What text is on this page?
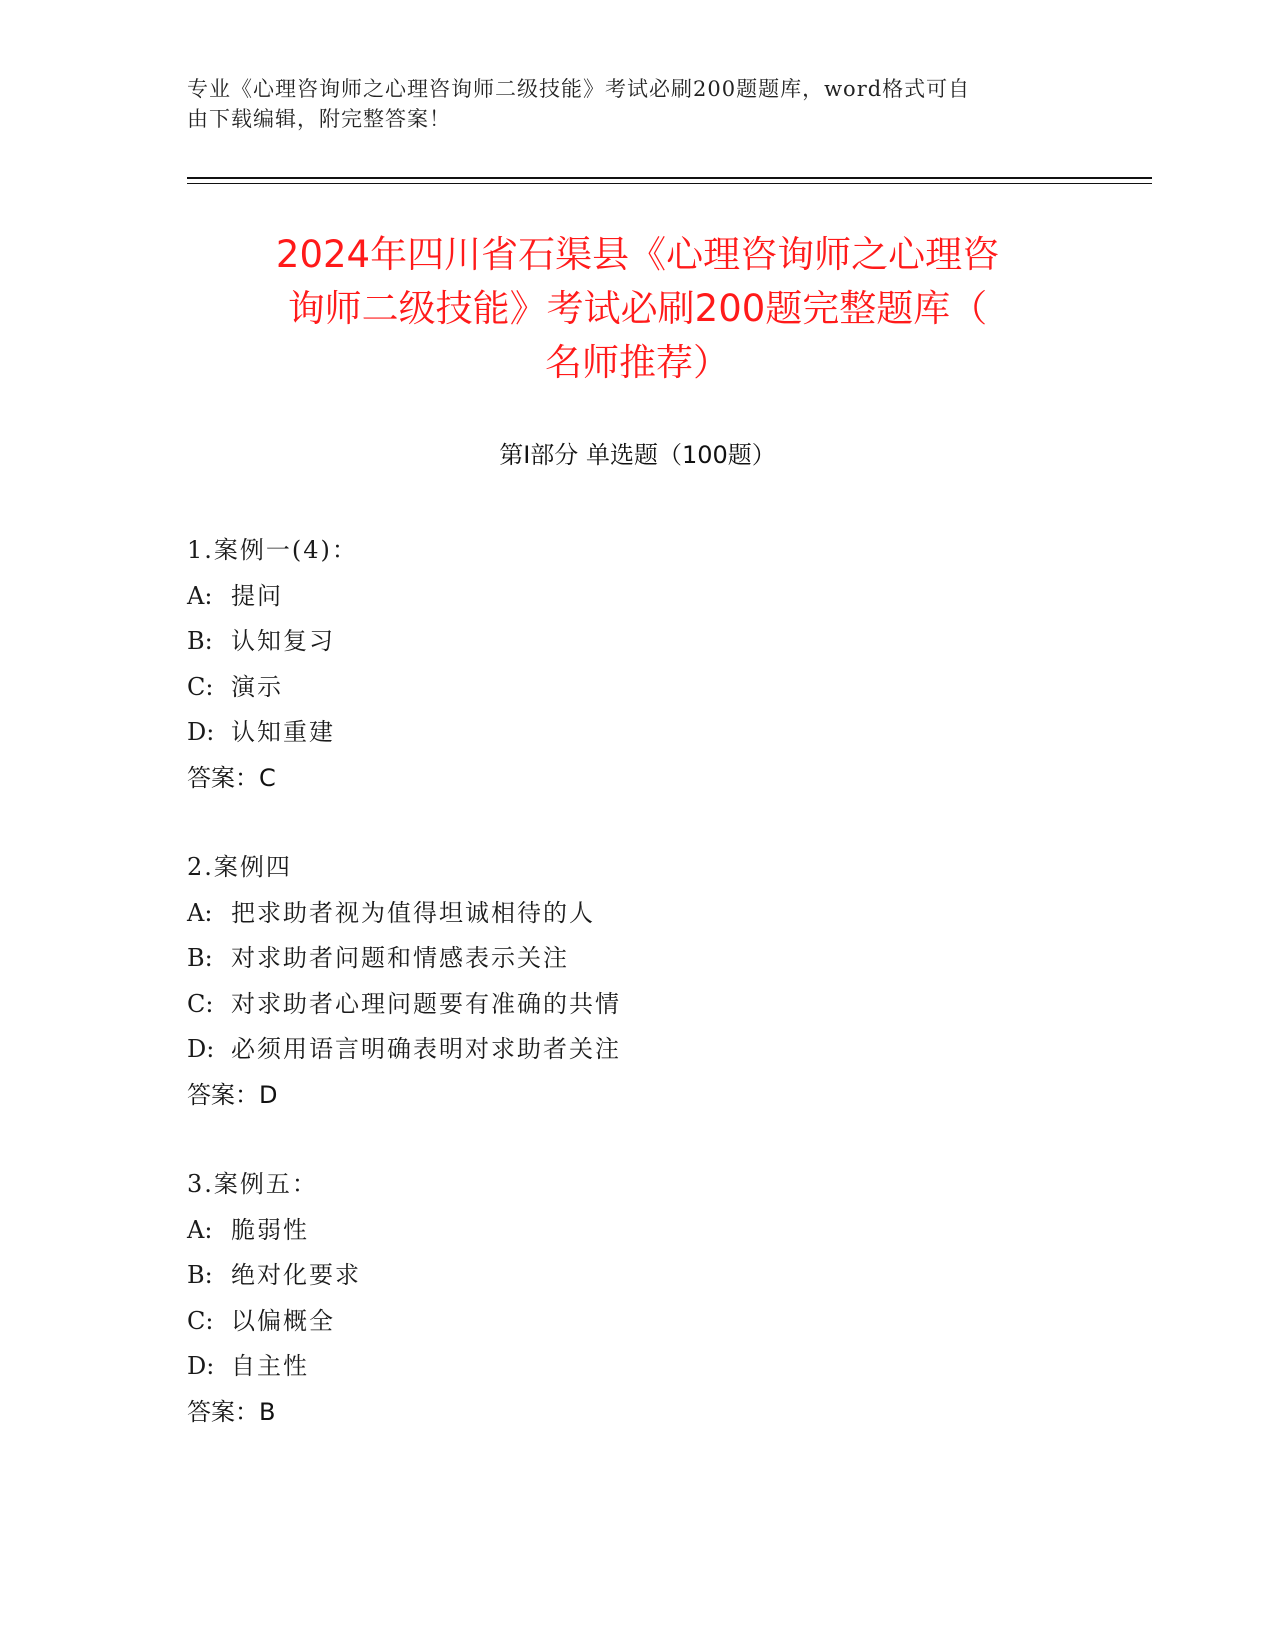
专业《心理咨询师之心理咨询师二级技能》考试必刷200题题库，word格式可自
由下载编辑，附完整答案！
2024年四川省石渠县《心理咨询师之心理咨
询师二级技能》考试必刷200题完整题库（
名师推荐）
第Ⅰ部分 单选题（100题）
1.案例一(4)：
A: 提问
B: 认知复习
C: 演示
D: 认知重建
答案：C
2.案例四
A: 把求助者视为值得坦诚相待的人
B: 对求助者问题和情感表示关注
C: 对求助者心理问题要有准确的共情
D: 必须用语言明确表明对求助者关注
答案：D
3.案例五：
A: 脆弱性
B: 绝对化要求
C: 以偏概全
D: 自主性
答案：B
